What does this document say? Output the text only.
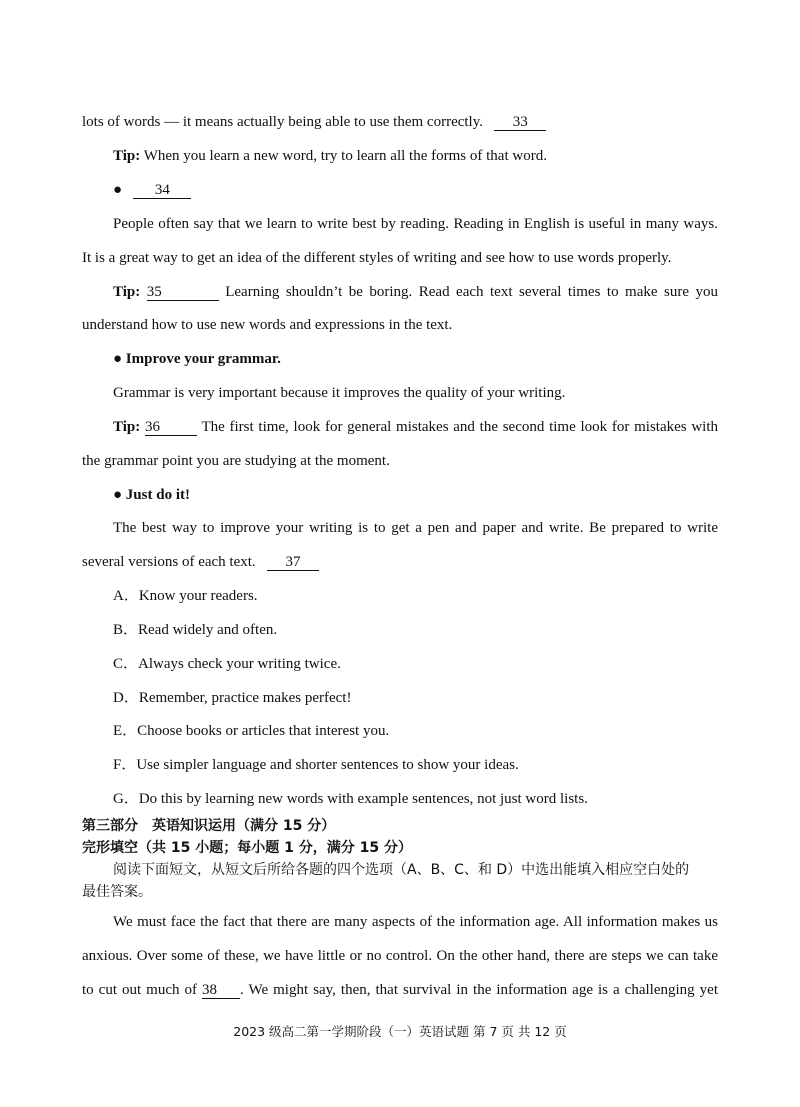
lots of words — it means actually being able to use them correctly. 33
Tip: When you learn a new word, try to learn all the forms of that word.
● 34
People often say that we learn to write best by reading. Reading in English is useful in many ways.
It is a great way to get an idea of the different styles of writing and see how to use words properly.
Tip: 35	Learning shouldn’t be boring. Read each text several times to make sure you
understand how to use new words and expressions in the text.
● Improve your grammar.
Grammar is very important because it improves the quality of your writing.
Tip: 36	The first time, look for general mistakes and the second time look for mistakes with
the grammar point you are studying at the moment.
● Just do it!
The best way to improve your writing is to get a pen and paper and write. Be prepared to write
several versions of each text. 37
A．Know your readers.
B．Read widely and often.
C．Always check your writing twice.
D．Remember, practice makes perfect!
E．Choose books or articles that interest you.
F．Use simpler language and shorter sentences to show your ideas.
G．Do this by learning new words with example sentences, not just word lists.
第三部分　英语知识运用（满分 15 分）
完形填空（共 15 小题；每小题 1 分，满分 15 分）
阅读下面短文，从短文后所给各题的四个选项（A、B、C、和 D）中选出能填入相应空白处的
最佳答案。
We must face the fact that there are many aspects of the information age. All information makes us
anxious. Over some of these, we have little or no control. On the other hand, there are steps we can take
to cut out much of 38 . We might say, then, that survival in the information age is a challenging yet
2023 级高二第一学期阶段（一）英语试题 第 7 页 共 12 页
